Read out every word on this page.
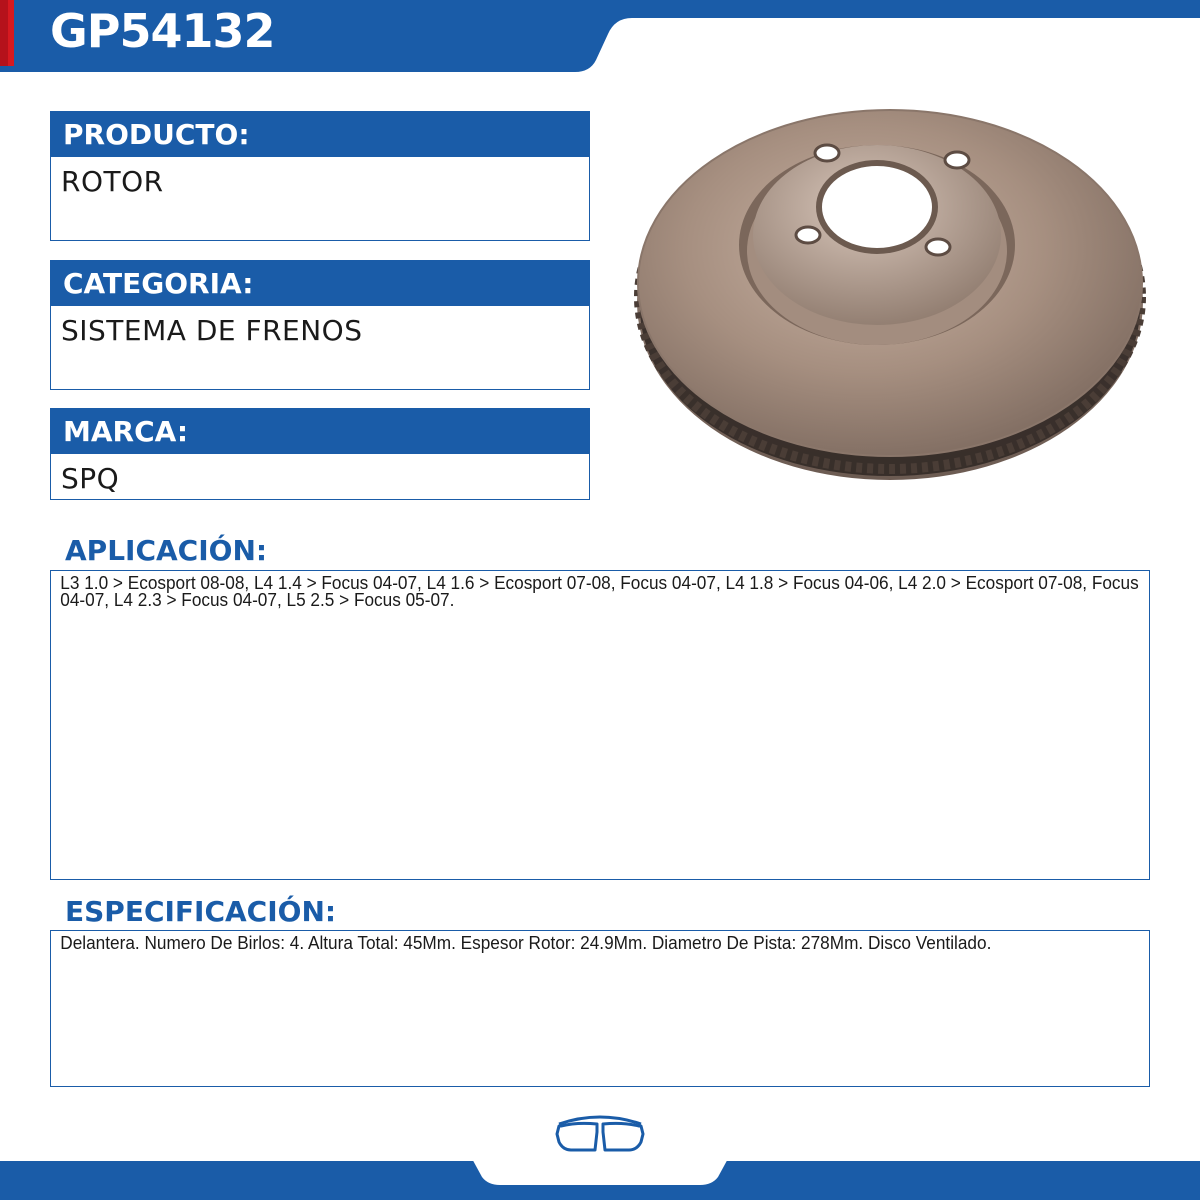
GP54132
PRODUCTO:
ROTOR
CATEGORIA:
SISTEMA DE FRENOS
MARCA:
SPQ
APLICACIÓN:

L3 1.0 > Ecosport 08-08, L4 1.4 > Focus 04-07, L4 1.6 > Ecosport 07-08, Focus 04-07, L4 1.8 > Focus 04-06, L4 2.0 > Ecosport 07-08, Focus 04-07, L4 2.3 > Focus 04-07, L5 2.5 > Focus 05-07.

ESPECIFICACIÓN:

Delantera. Numero De Birlos: 4. Altura Total: 45Mm. Espesor Rotor: 24.9Mm. Diametro De Pista: 278Mm. Disco Ventilado.

FRENOS
